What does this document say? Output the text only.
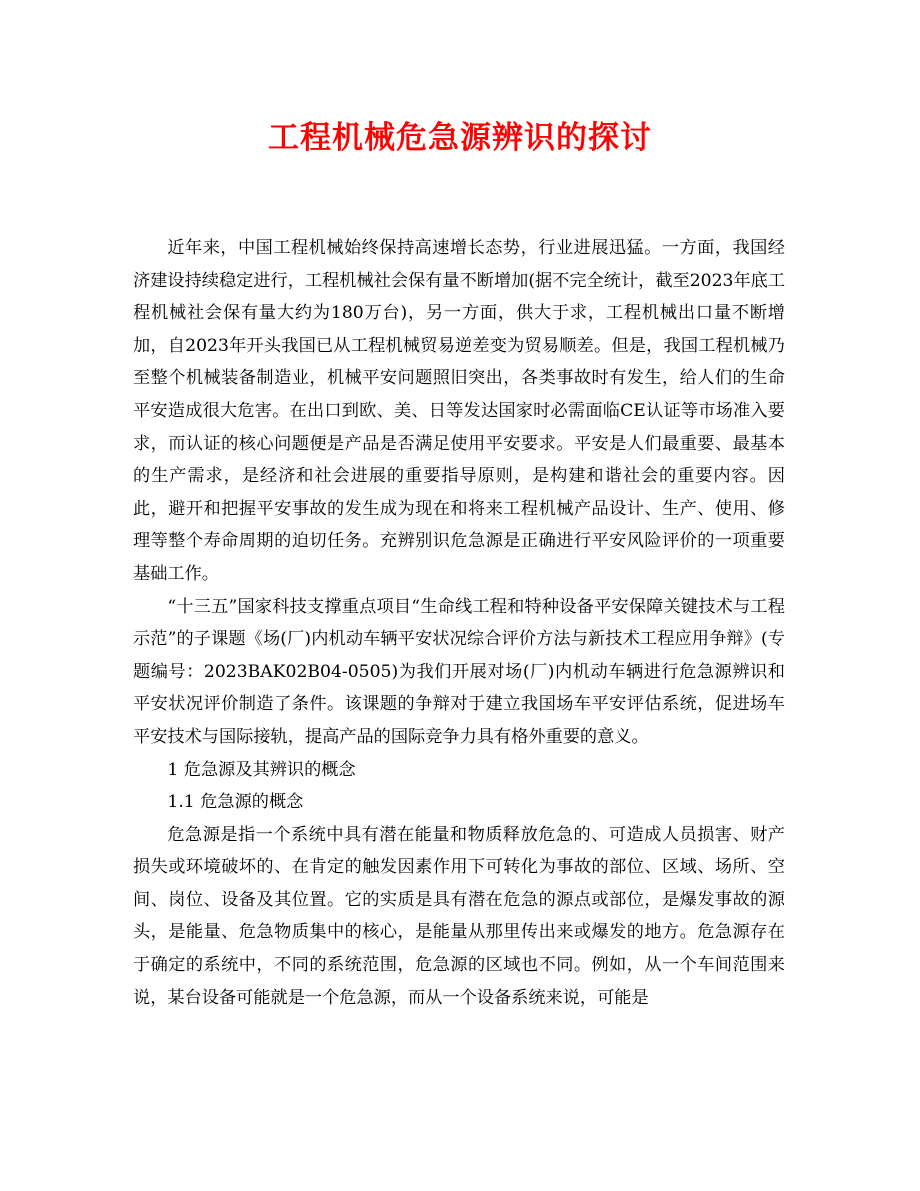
工程机械危急源辨识的探讨

近年来，中国工程机械始终保持高速增长态势，行业进展迅猛。一方面，我国经济建设持续稳定进行，工程机械社会保有量不断增加(据不完全统计，截至2023年底工程机械社会保有量大约为180万台)，另一方面，供大于求，工程机械出口量不断增加，自2023年开头我国已从工程机械贸易逆差变为贸易顺差。但是，我国工程机械乃至整个机械装备制造业，机械平安问题照旧突出，各类事故时有发生，给人们的生命平安造成很大危害。在出口到欧、美、日等发达国家时必需面临CE认证等市场准入要求，而认证的核心问题便是产品是否满足使用平安要求。平安是人们最重要、最基本的生产需求，是经济和社会进展的重要指导原则，是构建和谐社会的重要内容。因此，避开和把握平安事故的发生成为现在和将来工程机械产品设计、生产、使用、修理等整个寿命周期的迫切任务。充辨别识危急源是正确进行平安风险评价的一项重要基础工作。

“十三五”国家科技支撑重点项目“生命线工程和特种设备平安保障关键技术与工程示范”的子课题《场(厂)内机动车辆平安状况综合评价方法与新技术工程应用争辩》(专题编号：2023BAK02B04-0505)为我们开展对场(厂)内机动车辆进行危急源辨识和平安状况评价制造了条件。该课题的争辩对于建立我国场车平安评估系统，促进场车平安技术与国际接轨，提高产品的国际竞争力具有格外重要的意义。

1 危急源及其辨识的概念

1.1 危急源的概念

危急源是指一个系统中具有潜在能量和物质释放危急的、可造成人员损害、财产损失或环境破坏的、在肯定的触发因素作用下可转化为事故的部位、区域、场所、空间、岗位、设备及其位置。它的实质是具有潜在危急的源点或部位，是爆发事故的源头，是能量、危急物质集中的核心，是能量从那里传出来或爆发的地方。危急源存在于确定的系统中，不同的系统范围，危急源的区域也不同。例如，从一个车间范围来说，某台设备可能就是一个危急源，而从一个设备系统来说，可能是
